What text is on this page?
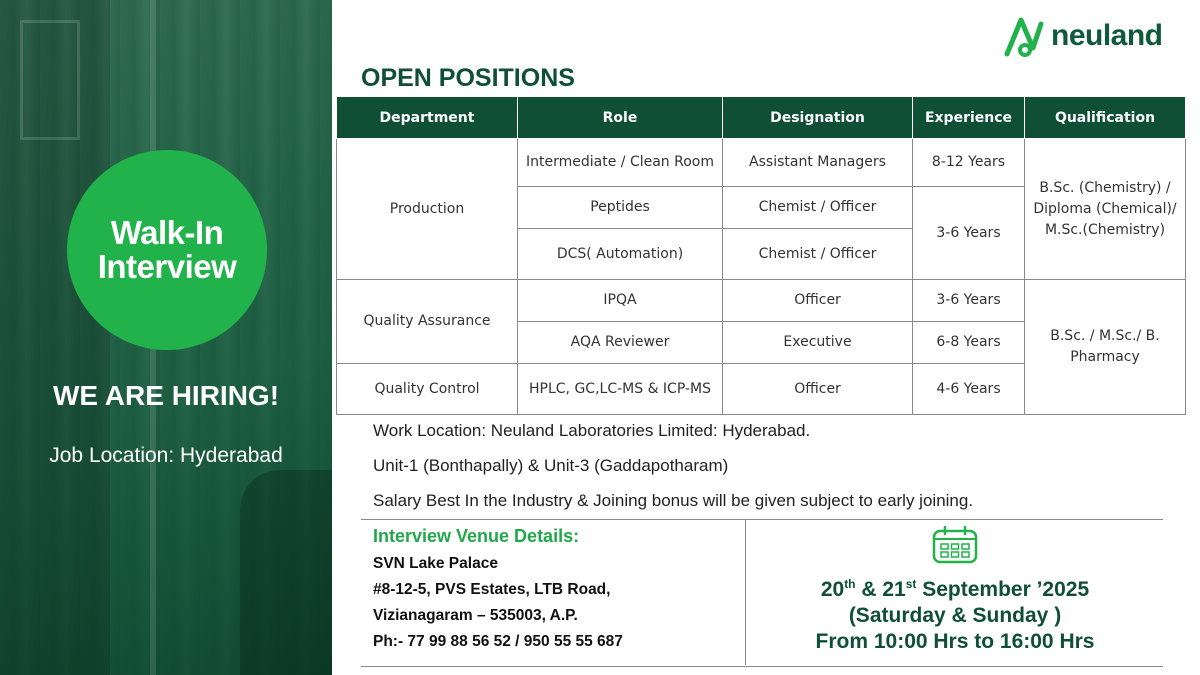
Walk-In
Interview
WE ARE HIRING!
Job Location: Hyderabad
neuland
OPEN POSITIONS
Department	Role	Designation	Experience	Qualification
Production	Intermediate / Clean Room	Assistant Managers	8-12 Years	B.Sc. (Chemistry) /
Diploma (Chemical)/
M.Sc.(Chemistry)

	Peptides	Chemist / Officer	3-6 Years	
	DCS( Automation)	Chemist / Officer		
Quality Assurance	IPQA	Officer	3-6 Years	B.Sc. / M.Sc./ B.
Pharmacy

	AQA Reviewer	Executive	6-8 Years	
Quality Control	HPLC, GC,LC-MS & ICP-MS	Officer	4-6 Years	
Work Location: Neuland Laboratories Limited: Hyderabad.
Unit-1 (Bonthapally) & Unit-3 (Gaddapotharam)
Salary Best In the Industry & Joining bonus will be given subject to early joining.
Interview Venue Details:
SVN Lake Palace
#8-12-5, PVS Estates, LTB Road,
Vizianagaram – 535003, A.P.
Ph:- 77 99 88 56 52 / 950 55 55 687
20th & 21st September ’2025
(Saturday & Sunday )
From 10:00 Hrs to 16:00 Hrs
